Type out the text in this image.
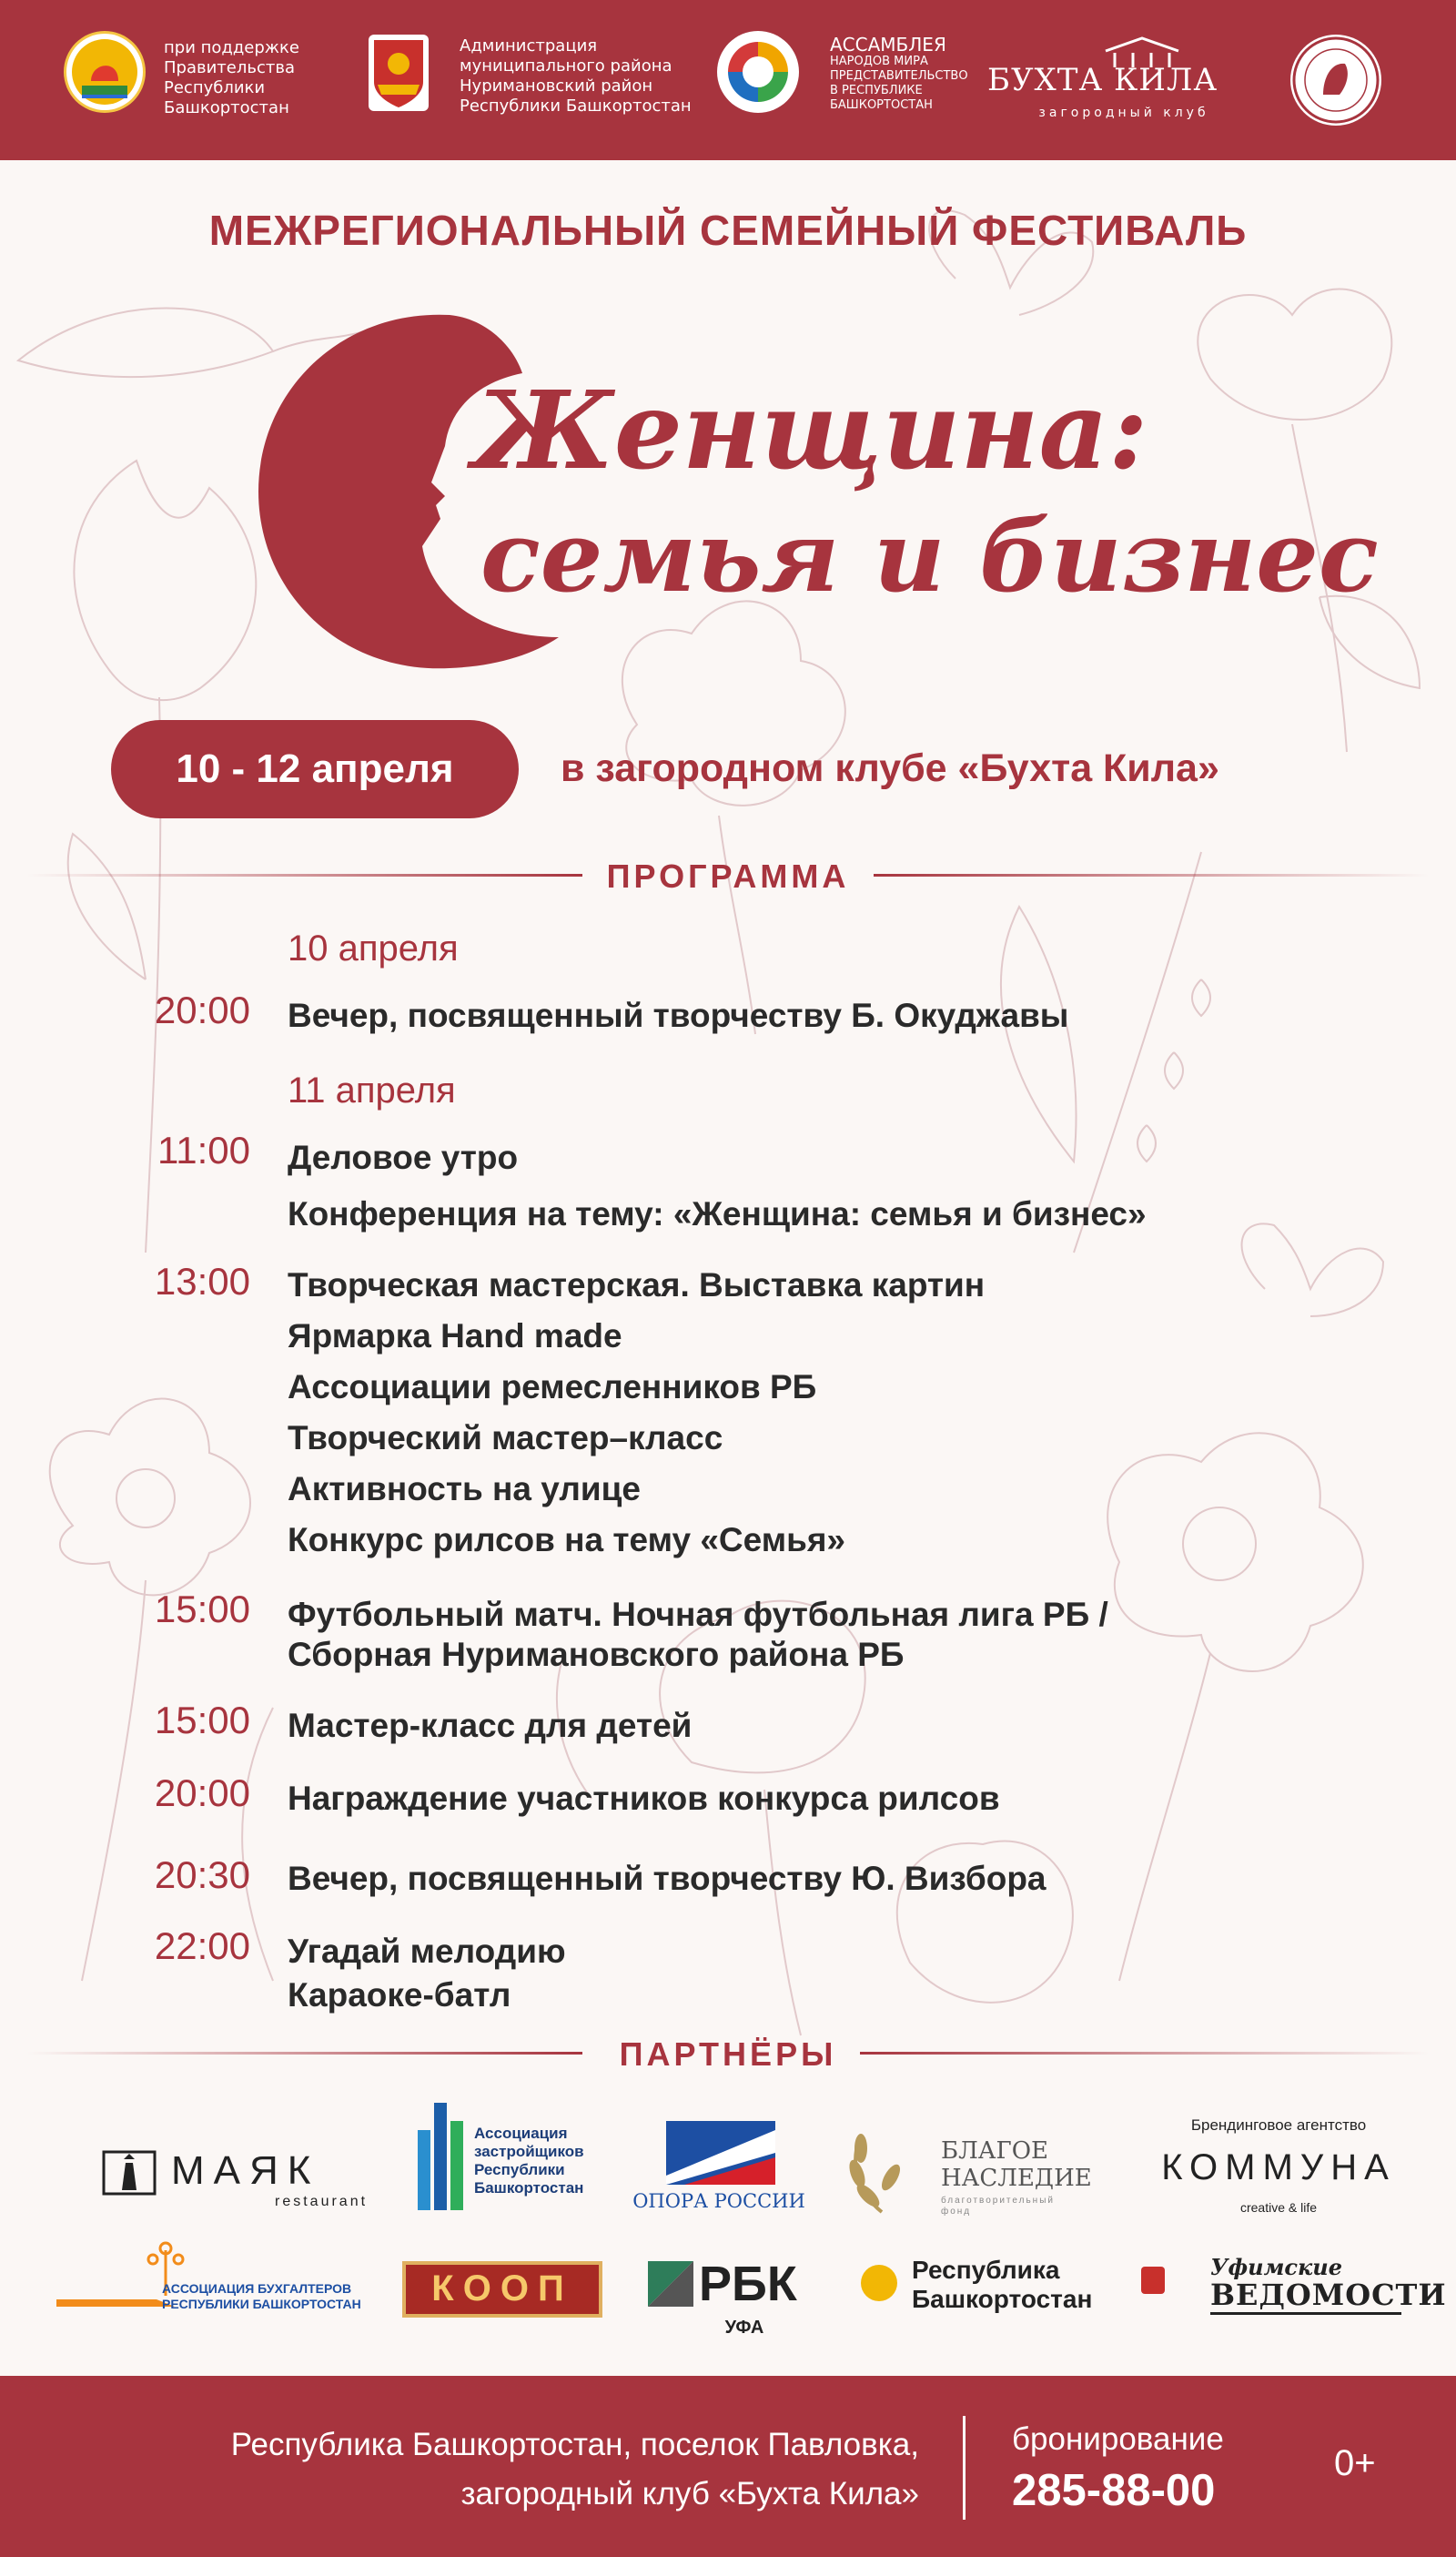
при поддержке
Правительства
Республики
Башкортостан
Администрация
муниципального района
Нуримановский район
Республики Башкортостан
АССАМБЛЕЯ
НАРОДОВ МИРА
ПРЕДСТАВИТЕЛЬСТВО
В РЕСПУБЛИКЕ
БАШКОРТОСТАН
БУХТА КИЛА
загородный клуб
МЕЖРЕГИОНАЛЬНЫЙ СЕМЕЙНЫЙ ФЕСТИВАЛЬ
Женщина:
семья и бизнес
10 - 12 апреля	в загородном клубе «Бухта Кила»
ПРОГРАММА
10 апреля
20:00 Вечер, посвященный творчеству Б. Окуджавы
11 апреля
11:00 Деловое утро
Конференция на тему: «Женщина: семья и бизнес»
13:00 Творческая мастерская. Выставка картин
Ярмарка Hand made
Ассоциации ремесленников РБ
Творческий мастер–класс
Активность на улице
Конкурс рилсов на тему «Семья»
15:00 Футбольный матч. Ночная футбольная лига РБ /
Сборная Нуримановского района РБ
15:00 Мастер-класс для детей
20:00 Награждение участников конкурса рилсов
20:30 Вечер, посвященный творчеству Ю. Визбора
22:00 Угадай мелодию
Караоке-батл
ПАРТНЁРЫ
МАЯК
restaurant
Ассоциация
застройщиков
Республики
Башкортостан
ОПОРА РОССИИ
БЛАГОЕ
НАСЛЕДИЕ
благотворительный
фонд
Брендинговое агентство
КОММУНА
creative & life
АССОЦИАЦИЯ БУХГАЛТЕРОВ
РЕСПУБЛИКИ БАШКОРТОСТАН	КООП	РБК
УФА
Республика
Башкортостан
Уфимские
ВЕДОМОСТИ
Республика Башкортостан, поселок Павловка,
загородный клуб «Бухта Кила»
бронирование
285-88-00
0+
